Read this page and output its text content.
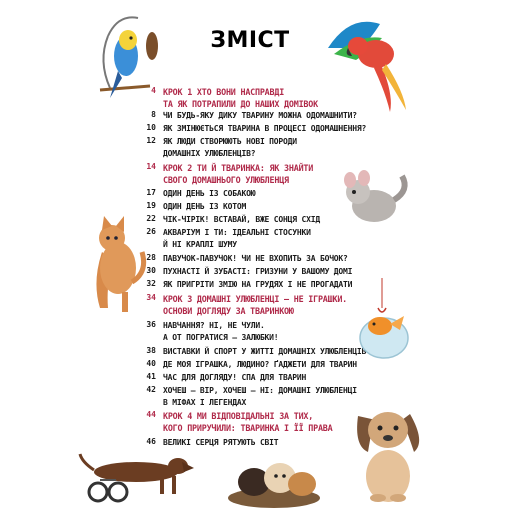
ЗМІСТ
4 КРОК 1 ХТО ВОНИ НАСПРАВДІ
ТА ЯК ПОТРАПИЛИ ДО НАШИХ ДОМІВОК
8 ЧИ БУДЬ-ЯКУ ДИКУ ТВАРИНУ МОЖНА ОДОМАШНИТИ?
10 ЯК ЗМІНЮЄТЬСЯ ТВАРИНА В ПРОЦЕСІ ОДОМАШНЕННЯ?
12 ЯК ЛЮДИ СТВОРЮЮТЬ НОВІ ПОРОДИ
ДОМАШНІХ УЛЮБЛЕНЦІВ?
14 КРОК 2 ТИ Й ТВАРИНКА: ЯК ЗНАЙТИ
СВОГО ДОМАШНЬОГО УЛЮБЛЕНЦЯ
17 ОДИН ДЕНЬ ІЗ СОБАКОЮ
19 ОДИН ДЕНЬ ІЗ КОТОМ
22 ЧІК-ЧІРІК! ВСТАВАЙ, ВЖЕ СОНЦЯ СХІД
26 АКВАРІУМ І ТИ: ІДЕАЛЬНІ СТОСУНКИ
Й НІ КРАПЛІ ШУМУ
28 ПАВУЧОК-ПАВУЧОК! ЧИ НЕ ВХОПИТЬ ЗА БОЧОК?
30 ПУХНАСТІ Й ЗУБАСТІ: ГРИЗУНИ У ВАШОМУ ДОМІ
32 ЯК ПРИГРІТИ ЗМІЮ НА ГРУДЯХ І НЕ ПРОГАДАТИ
34 КРОК 3 ДОМАШНІ УЛЮБЛЕНЦІ — НЕ ІГРАШКИ.
ОСНОВИ ДОГЛЯДУ ЗА ТВАРИНКОЮ
36 НАВЧАННЯ? НІ, НЕ ЧУЛИ.
А ОТ ПОГРАТИСЯ — ЗАЛЮБКИ!
38 ВИСТАВКИ Й СПОРТ У ЖИТТІ ДОМАШНІХ УЛЮБЛЕНЦІВ
40 ДЕ МОЯ ІГРАШКА, ЛЮДИНО? ҐАДЖЕТИ ДЛЯ ТВАРИН
41 ЧАС ДЛЯ ДОГЛЯДУ! СПА ДЛЯ ТВАРИН
42 ХОЧЕШ — ВІР, ХОЧЕШ — НІ: ДОМАШНІ УЛЮБЛЕНЦІ
В МІФАХ І ЛЕГЕНДАХ
44 КРОК 4 МИ ВІДПОВІДАЛЬНІ ЗА ТИХ,
КОГО ПРИРУЧИЛИ: ТВАРИНКА І ЇЇ ПРАВА
46 ВЕЛИКІ СЕРЦЯ РЯТУЮТЬ СВІТ
